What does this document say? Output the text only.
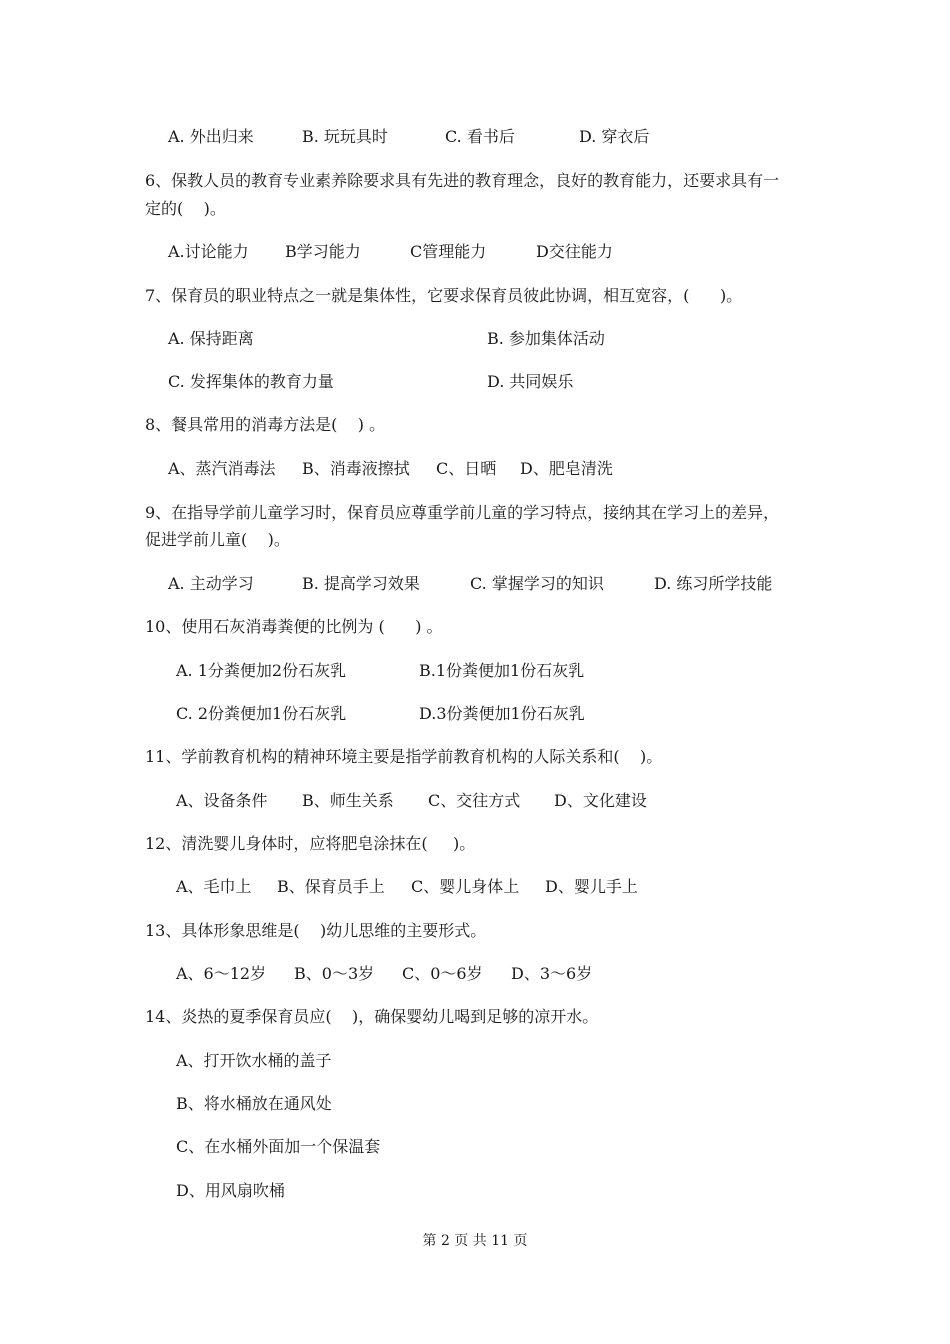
A. 外出归来	B. 玩玩具时	C. 看书后	D. 穿衣后
6、保教人员的教育专业素养除要求具有先进的教育理念，良好的教育能力，还要求具有一
定的(    )。
A.讨论能力 B学习能力	C管理能力	D交往能力
7、保育员的职业特点之一就是集体性，它要求保育员彼此协调，相互宽容，(      )。
A. 保持距离	B. 参加集体活动
C. 发挥集体的教育力量	D. 共同娱乐
8、餐具常用的消毒方法是(    ) 。
A、蒸汽消毒法 B、消毒液擦拭 C、日晒 D、肥皂清洗
9、在指导学前儿童学习时，保育员应尊重学前儿童的学习特点，接纳其在学习上的差异，
促进学前儿童(    )。
A. 主动学习	B. 提高学习效果	C. 掌握学习的知识	D. 练习所学技能
10、使用石灰消毒粪便的比例为 (      ) 。
A. 1分粪便加2份石灰乳	B.1份粪便加1份石灰乳
C. 2份粪便加1份石灰乳	D.3份粪便加1份石灰乳
11、学前教育机构的精神环境主要是指学前教育机构的人际关系和(    )。
A、设备条件 B、师生关系 C、交往方式 D、文化建设
12、清洗婴儿身体时，应将肥皂涂抹在(     )。
A、毛巾上 B、保育员手上 C、婴儿身体上 D、婴儿手上
13、具体形象思维是(    )幼儿思维的主要形式。
A、6～12岁 B、0～3岁 C、0～6岁 D、3～6岁
14、炎热的夏季保育员应(    )，确保婴幼儿喝到足够的凉开水。
A、打开饮水桶的盖子
B、将水桶放在通风处
C、在水桶外面加一个保温套
D、用风扇吹桶
第 2 页 共 11 页
